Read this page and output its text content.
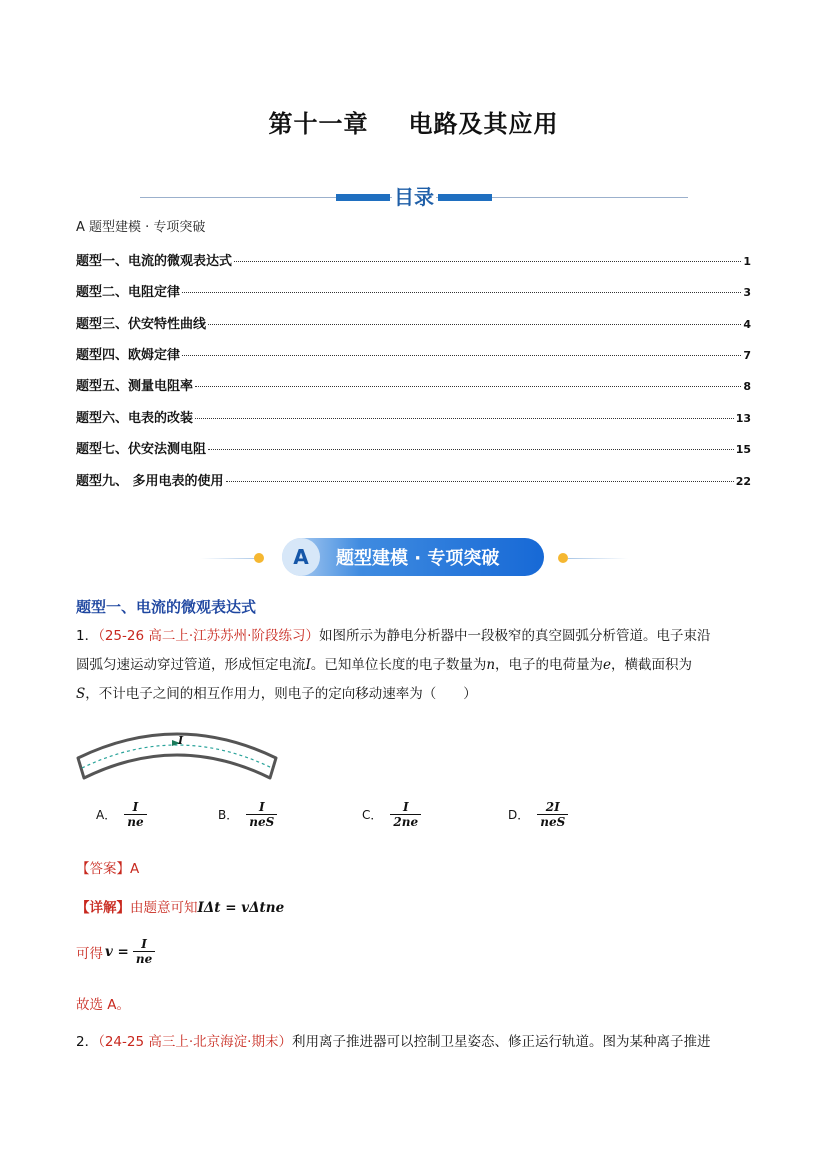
第十一章 电路及其应用
目录
A 题型建模 · 专项突破
题型一、电流的微观表达式	1
题型二、电阻定律	3
题型三、伏安特性曲线	4
题型四、欧姆定律	7
题型五、测量电阻率	8
题型六、电表的改装	13
题型七、伏安法测电阻	15
题型九、 多用电表的使用	22
A	题型建模 · 专项突破
题型一、电流的微观表达式
1．（25-26 高二上·江苏苏州·阶段练习）如图所示为静电分析器中一段极窄的真空圆弧分析管道。电子束沿
圆弧匀速运动穿过管道，形成恒定电流I。已知单位长度的电子数量为n，电子的电荷量为e，横截面积为
S，不计电子之间的相互作用力，则电子的定向移动速率为（　　）
I
A． $\frac{I}{ne}$	B． $\frac{I}{\text{neS}}$	C． $\frac{I}{2ne}$	D． $\frac{2I}{\text{neS}}$
【答案】A
【详解】由题意可知IΔt = vΔtne
可得 $v = \frac{I}{ne}$
故选 A。
2．（24-25 高三上·北京海淀·期末）利用离子推进器可以控制卫星姿态、修正运行轨道。图为某种离子推进
